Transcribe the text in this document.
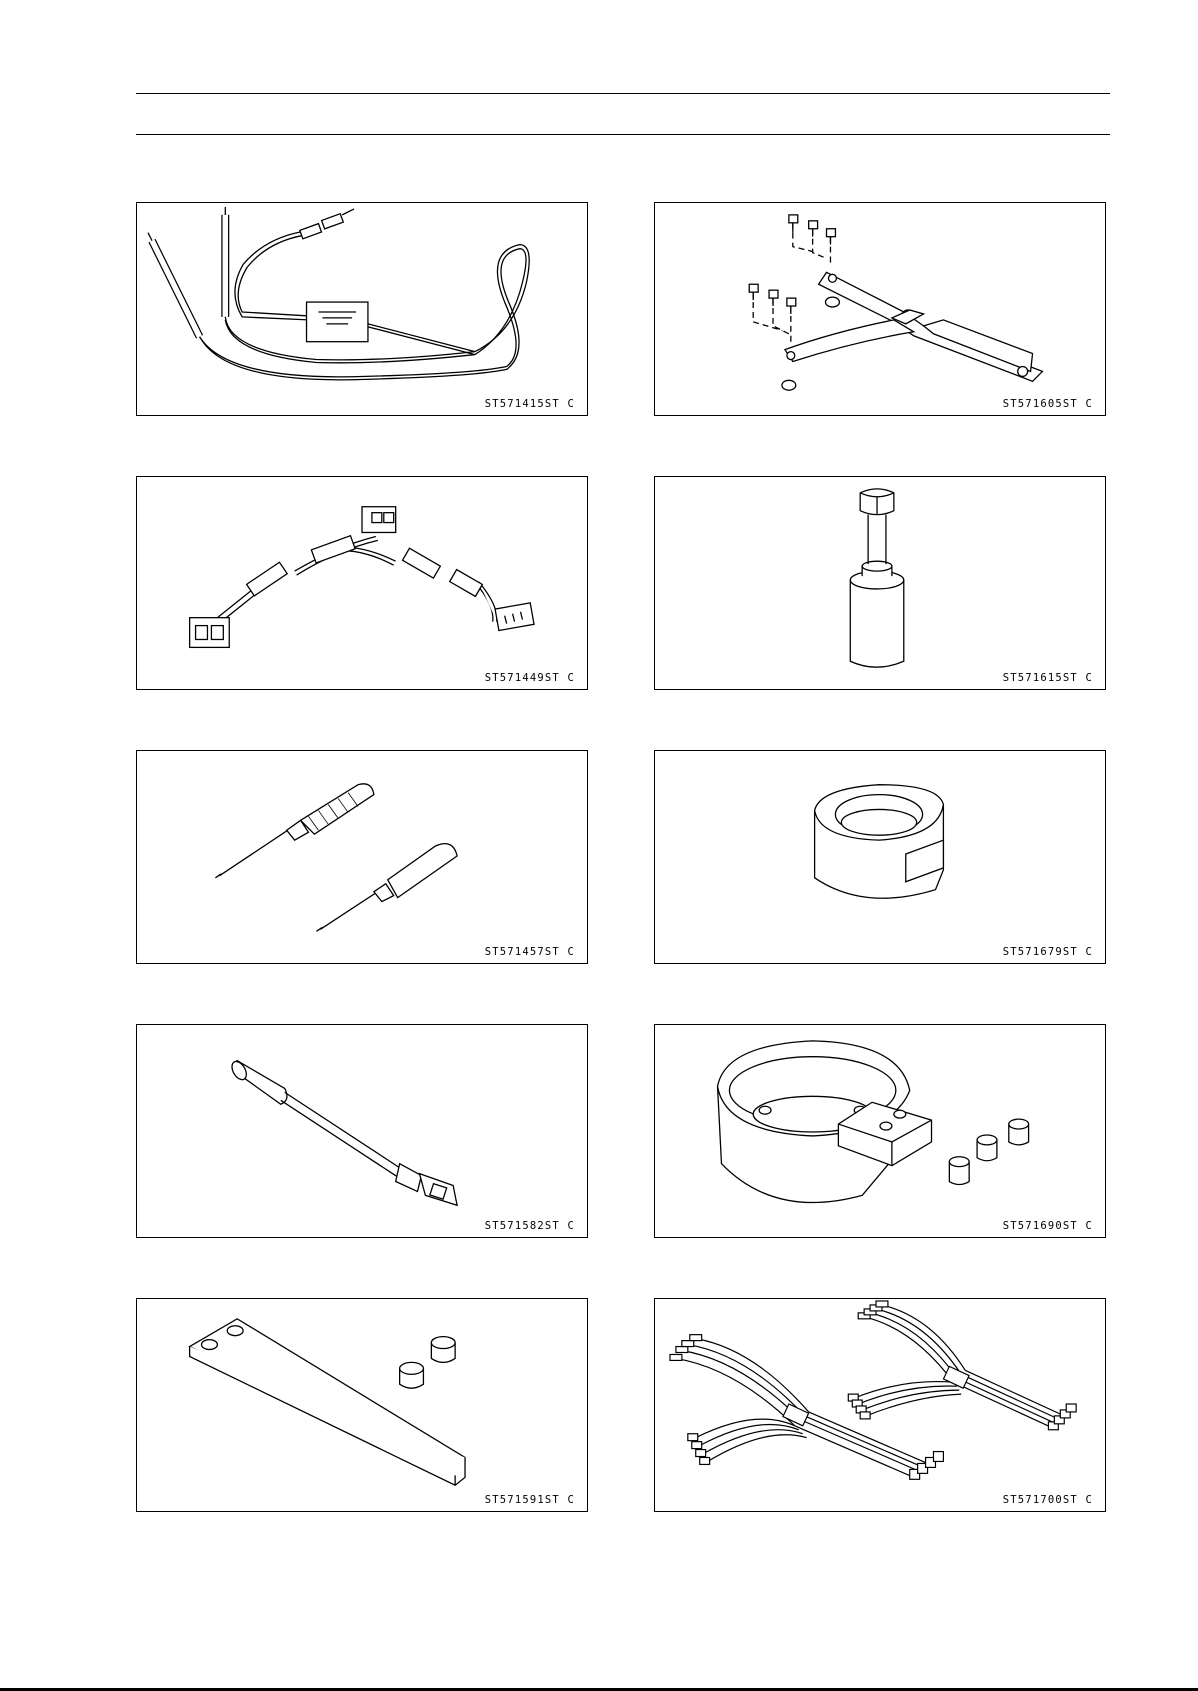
ST571415ST C	ST571605ST C
ST571449ST C	ST571615ST C
ST571457ST C	ST571679ST C
ST571582ST C	ST571690ST C
ST571591ST C	ST571700ST C
